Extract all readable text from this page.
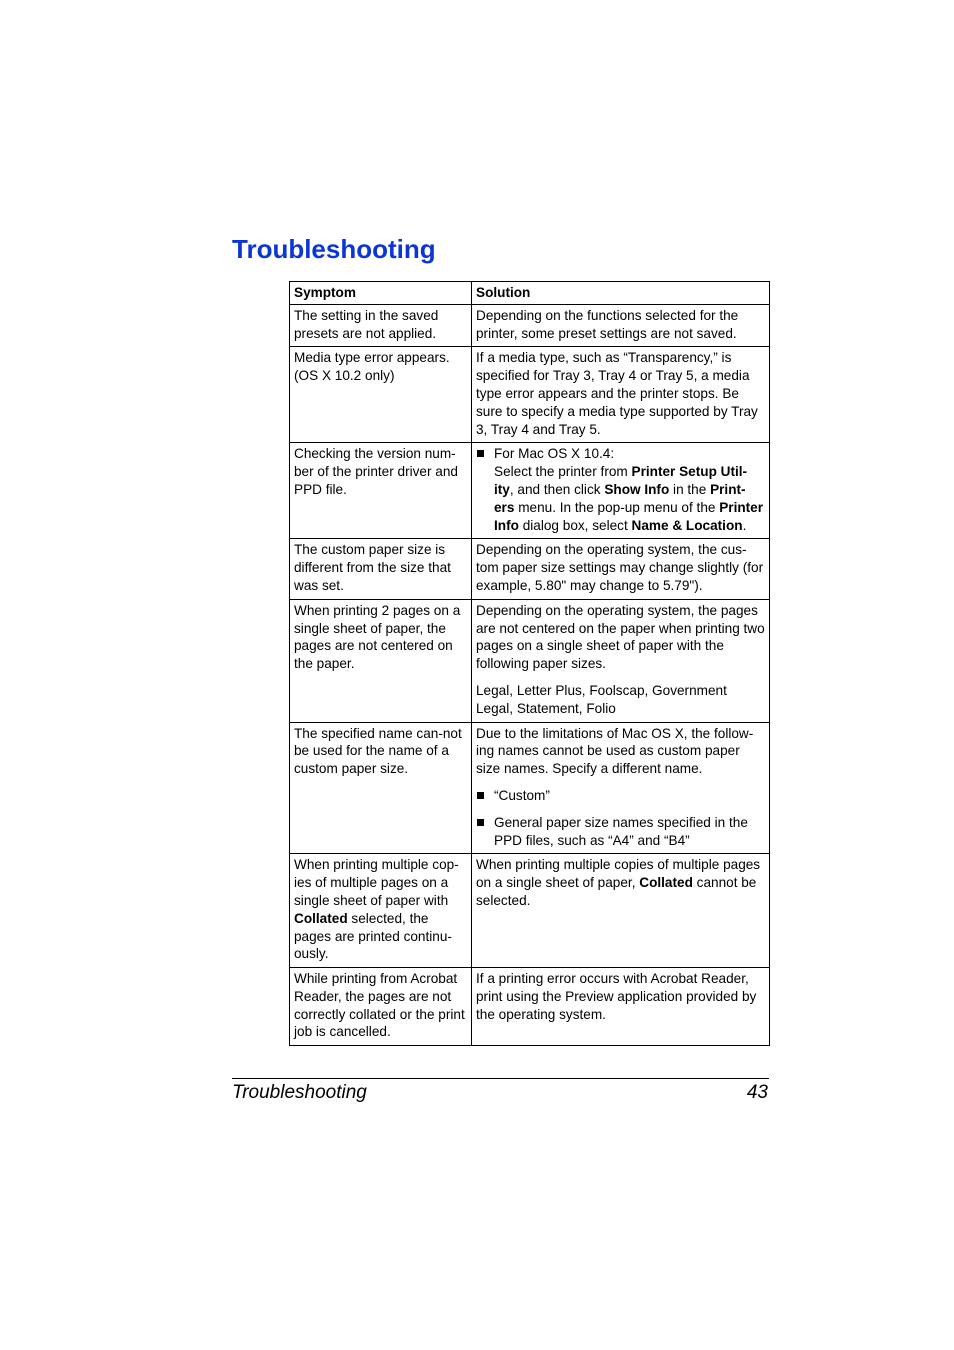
Troubleshooting
Symptom	Solution
The setting in the saved presets are not applied.	Depending on the functions selected for the printer, some preset settings are not saved.
Media type error appears. (OS X 10.2 only)	If a media type, such as “Transparency,” is specified for Tray 3, Tray 4 or Tray 5, a media type error appears and the printer stops. Be sure to specify a media type supported by Tray 3, Tray 4 and Tray 5.
Checking the version num-ber of the printer driver and PPD file.	For Mac OS X 10.4:
Select the printer from Printer Setup Util-ity, and then click Show Info in the Print-ers menu. In the pop-up menu of the Printer Info dialog box, select Name & Location.

The custom paper size is different from the size that was set.	Depending on the operating system, the cus-tom paper size settings may change slightly (for example, 5.80" may change to 5.79").
When printing 2 pages on a single sheet of paper, the pages are not centered on the paper.	Depending on the operating system, the pages are not centered on the paper when printing two pages on a single sheet of paper with the following paper sizes.

Legal, Letter Plus, Foolscap, Government Legal, Statement, Folio

The specified name can-not be used for the name of a custom paper size.	Due to the limitations of Mac OS X, the follow-ing names cannot be used as custom paper size names. Specify a different name.

“Custom”
General paper size names specified in the PPD files, such as “A4” and “B4”

When printing multiple cop-ies of multiple pages on a single sheet of paper with Collated selected, the pages are printed continu-ously.	When printing multiple copies of multiple pages on a single sheet of paper, Collated cannot be selected.
While printing from Acrobat Reader, the pages are not correctly collated or the print job is cancelled.	If a printing error occurs with Acrobat Reader, print using the Preview application provided by the operating system.
Troubleshooting	43
